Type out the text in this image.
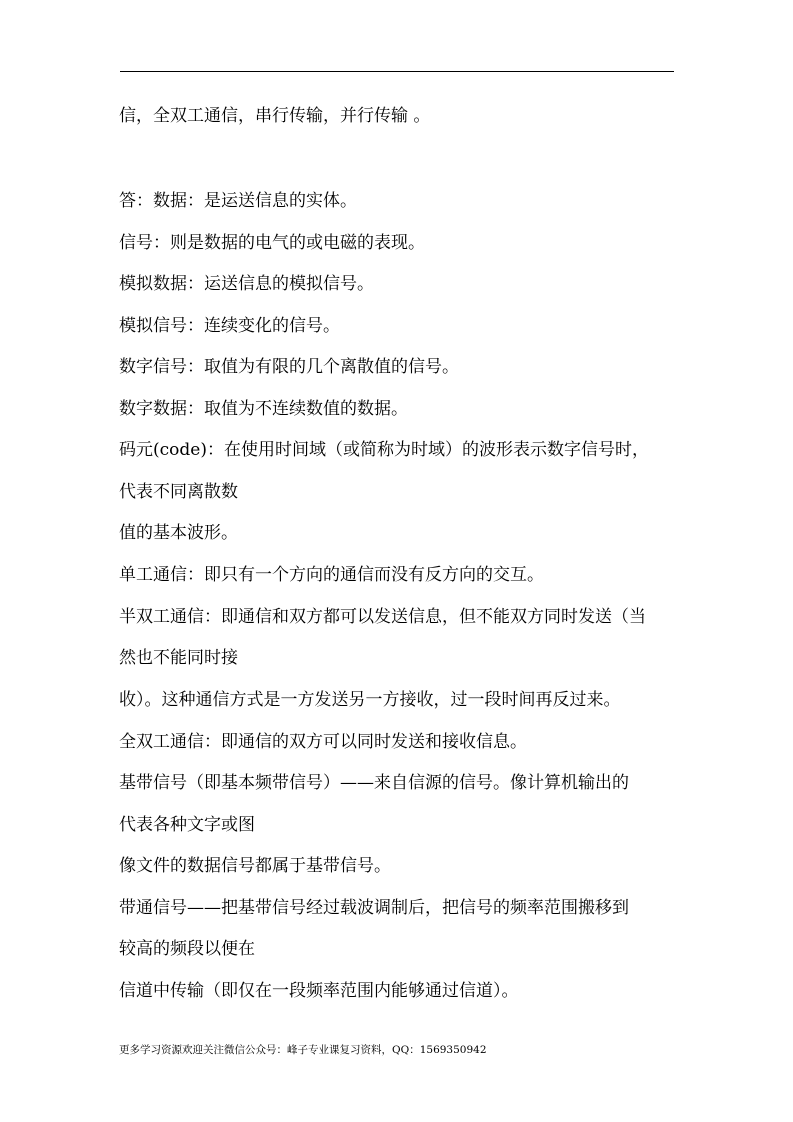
信，全双工通信，串行传输，并行传输 。
答：数据：是运送信息的实体。
信号：则是数据的电气的或电磁的表现。
模拟数据：运送信息的模拟信号。
模拟信号：连续变化的信号。
数字信号：取值为有限的几个离散值的信号。
数字数据：取值为不连续数值的数据。
码元(code)：在使用时间域（或简称为时域）的波形表示数字信号时，
代表不同离散数
值的基本波形。
单工通信：即只有一个方向的通信而没有反方向的交互。
半双工通信：即通信和双方都可以发送信息，但不能双方同时发送（当
然也不能同时接
收）。这种通信方式是一方发送另一方接收，过一段时间再反过来。
全双工通信：即通信的双方可以同时发送和接收信息。
基带信号（即基本频带信号）——来自信源的信号。像计算机输出的
代表各种文字或图
像文件的数据信号都属于基带信号。
带通信号——把基带信号经过载波调制后，把信号的频率范围搬移到
较高的频段以便在
信道中传输（即仅在一段频率范围内能够通过信道）。
更多学习资源欢迎关注微信公众号：峰子专业课复习资料，QQ：1569350942
